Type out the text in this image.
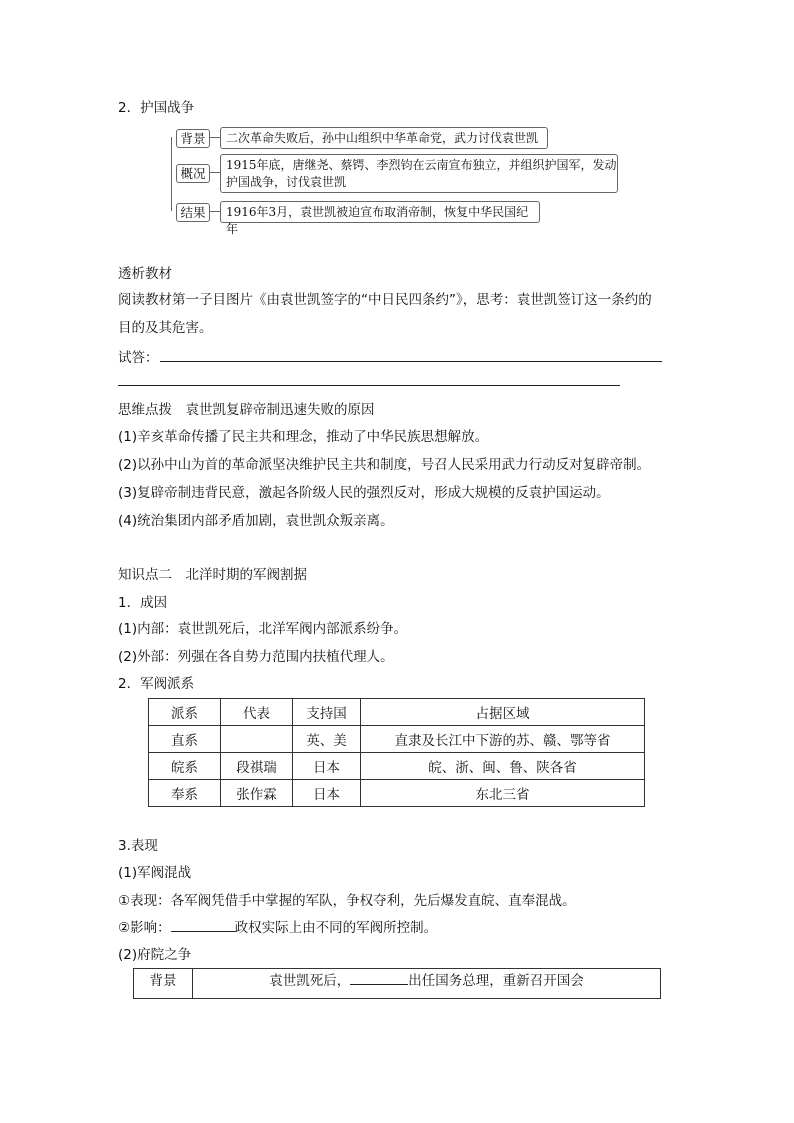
2．护国战争
背景	二次革命失败后，孙中山组织中华革命党，武力讨伐袁世凯
概况
1915年底，唐继尧、蔡锷、李烈钧在云南宣布独立，并组织护国军，发动
护国战争，讨伐袁世凯
结果	1916年3月，袁世凯被迫宣布取消帝制，恢复中华民国纪年
透析教材
阅读教材第一子目图片《由袁世凯签字的“中日民四条约”》，思考：袁世凯签订这一条约的
目的及其危害。
试答：
思维点拨　袁世凯复辟帝制迅速失败的原因
(1)辛亥革命传播了民主共和理念，推动了中华民族思想解放。
(2)以孙中山为首的革命派坚决维护民主共和制度，号召人民采用武力行动反对复辟帝制。
(3)复辟帝制违背民意，激起各阶级人民的强烈反对，形成大规模的反袁护国运动。
(4)统治集团内部矛盾加剧，袁世凯众叛亲离。
知识点二　北洋时期的军阀割据
1．成因
(1)内部：袁世凯死后，北洋军阀内部派系纷争。
(2)外部：列强在各自势力范围内扶植代理人。
2．军阀派系
派系	代表	支持国	占据区域
直系		英、美	直隶及长江中下游的苏、赣、鄂等省
皖系	段祺瑞	日本	皖、浙、闽、鲁、陕各省
奉系	张作霖	日本	东北三省
3.表现
(1)军阀混战
①表现：各军阀凭借手中掌握的军队，争权夺利，先后爆发直皖、直奉混战。
②影响：	政权实际上由不同的军阀所控制。
(2)府院之争
背景	袁世凯死后，	出任国务总理，重新召开国会
